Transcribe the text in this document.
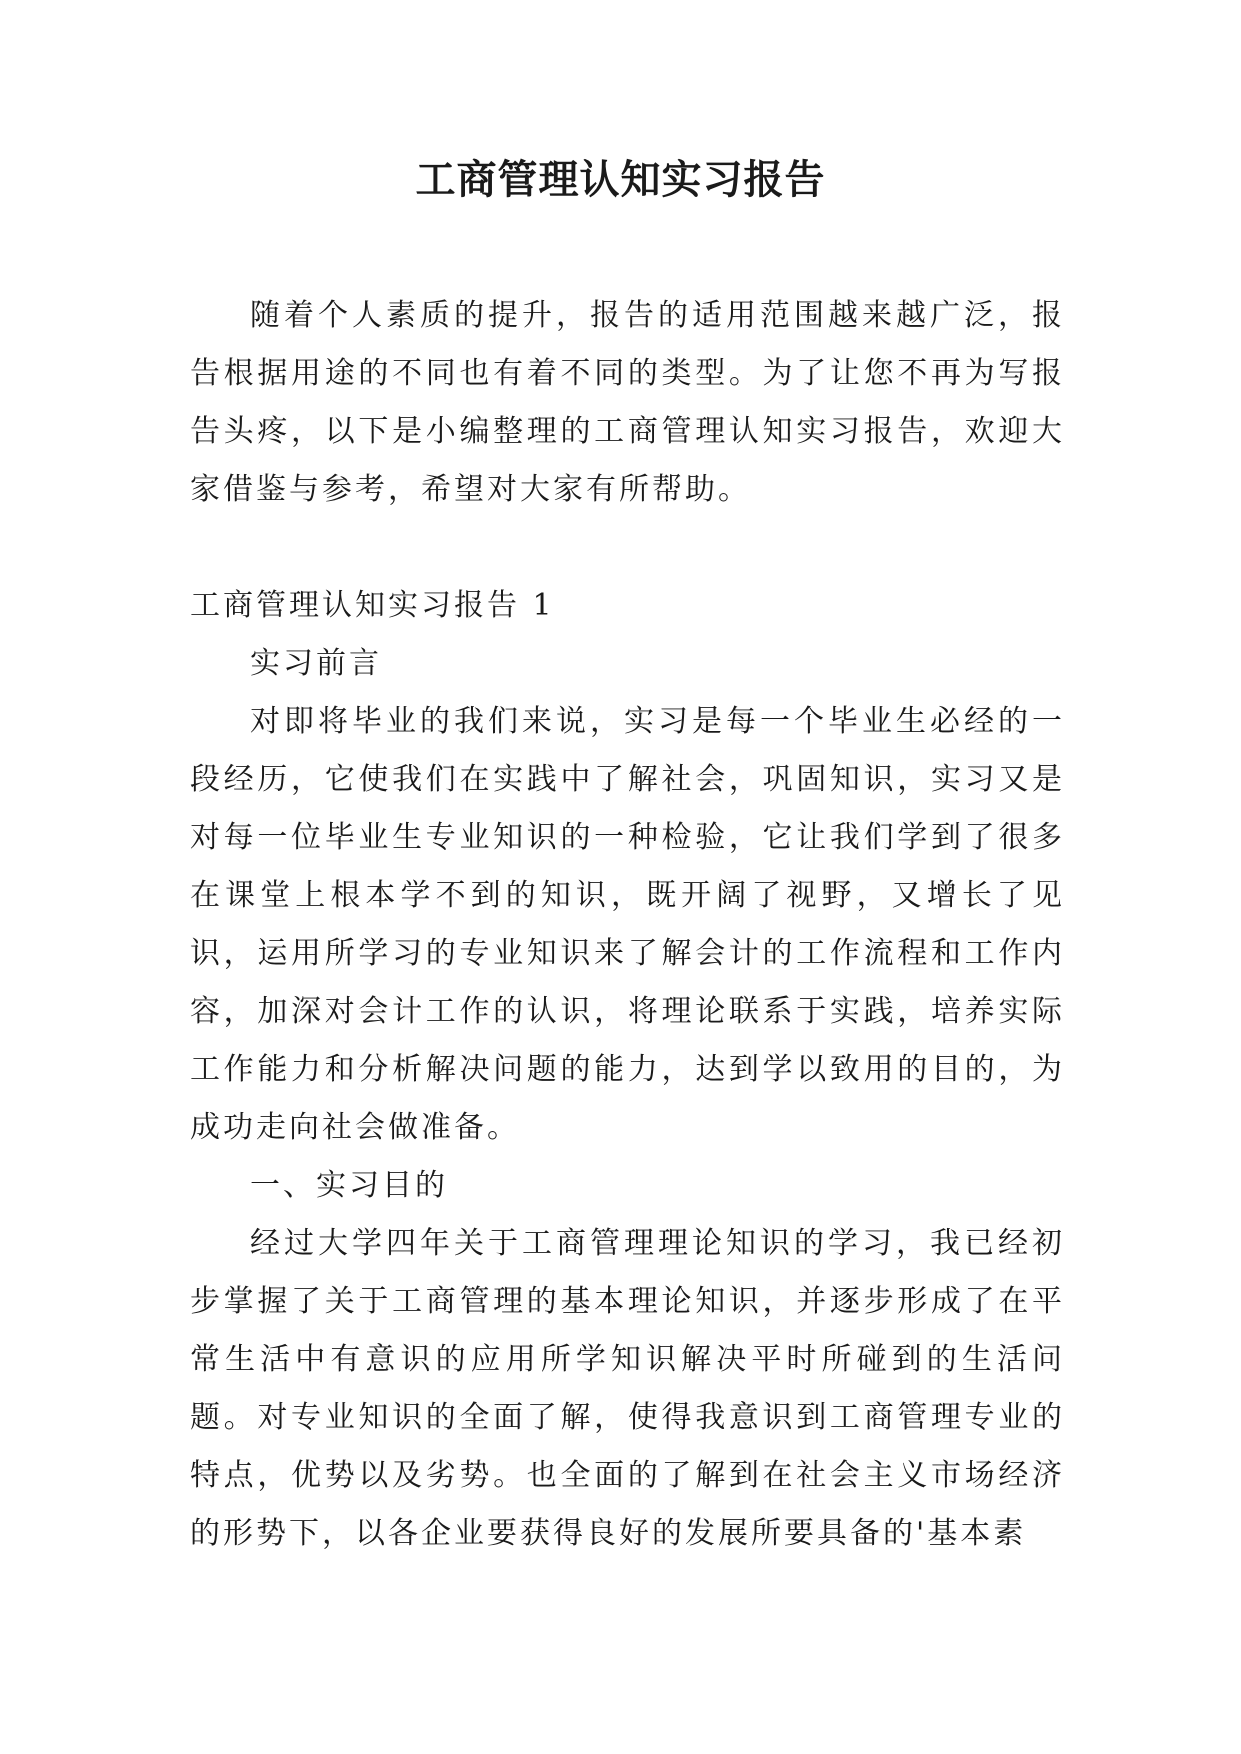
工商管理认知实习报告

随着个人素质的提升，报告的适用范围越来越广泛，报告根据用途的不同也有着不同的类型。为了让您不再为写报告头疼，以下是小编整理的工商管理认知实习报告，欢迎大家借鉴与参考，希望对大家有所帮助。

工商管理认知实习报告 1

实习前言

对即将毕业的我们来说，实习是每一个毕业生必经的一段经历，它使我们在实践中了解社会，巩固知识，实习又是对每一位毕业生专业知识的一种检验，它让我们学到了很多在课堂上根本学不到的知识，既开阔了视野，又增长了见识，运用所学习的专业知识来了解会计的工作流程和工作内容，加深对会计工作的认识，将理论联系于实践，培养实际工作能力和分析解决问题的能力，达到学以致用的目的，为成功走向社会做准备。

一、实习目的

经过大学四年关于工商管理理论知识的学习，我已经初步掌握了关于工商管理的基本理论知识，并逐步形成了在平常生活中有意识的应用所学知识解决平时所碰到的生活问题。对专业知识的全面了解，使得我意识到工商管理专业的特点，优势以及劣势。也全面的了解到在社会主义市场经济的形势下，以各企业要获得良好的发展所要具备的'基本素
